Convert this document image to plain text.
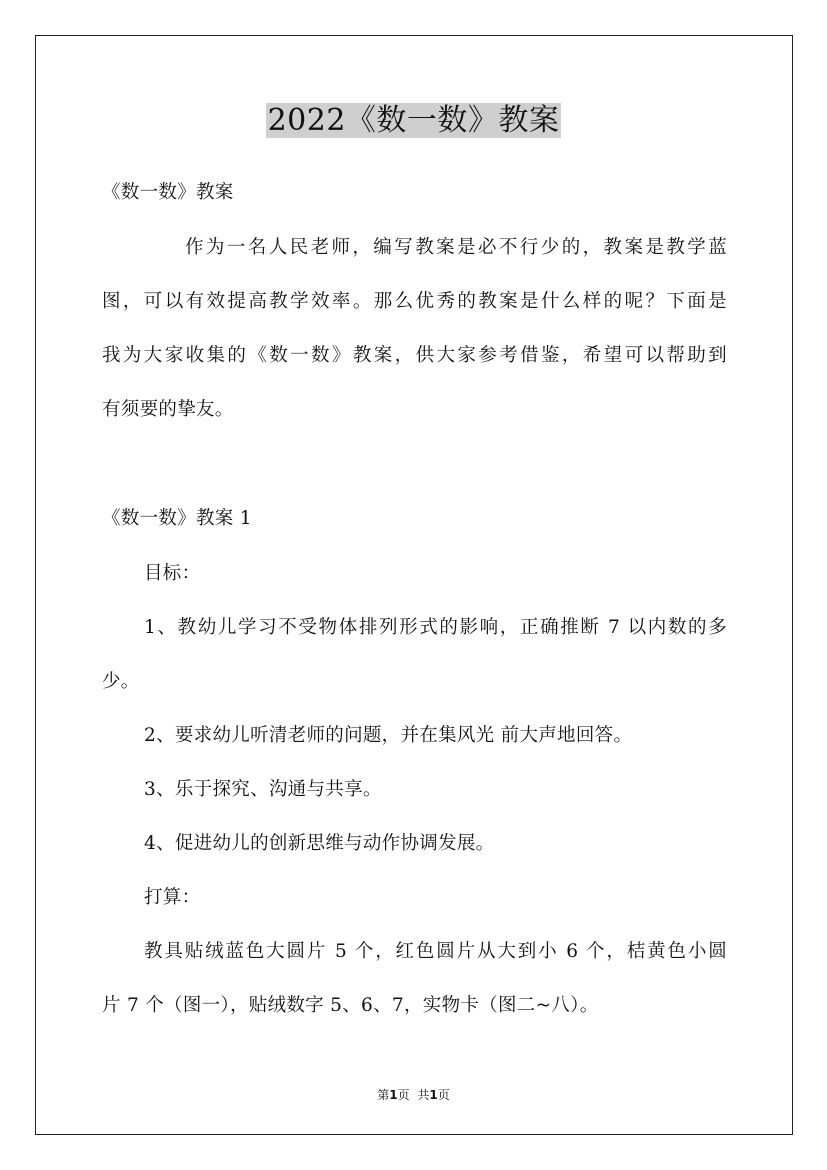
2022《数一数》教案
《数一数》教案
作为一名人民老师，编写教案是必不行少的，教案是教学蓝
图，可以有效提高教学效率。那么优秀的教案是什么样的呢？下面是
我为大家收集的《数一数》教案，供大家参考借鉴，希望可以帮助到
有须要的挚友。
《数一数》教案 1
目标：
1、教幼儿学习不受物体排列形式的影响，正确推断 7 以内数的多
少。
2、要求幼儿听清老师的问题，并在集风光 前大声地回答。
3、乐于探究、沟通与共享。
4、促进幼儿的创新思维与动作协调发展。
打算：
教具贴绒蓝色大圆片 5 个，红色圆片从大到小 6 个，桔黄色小圆
片 7 个（图一），贴绒数字 5、6、7，实物卡（图二~八）。
第1页 共1页
